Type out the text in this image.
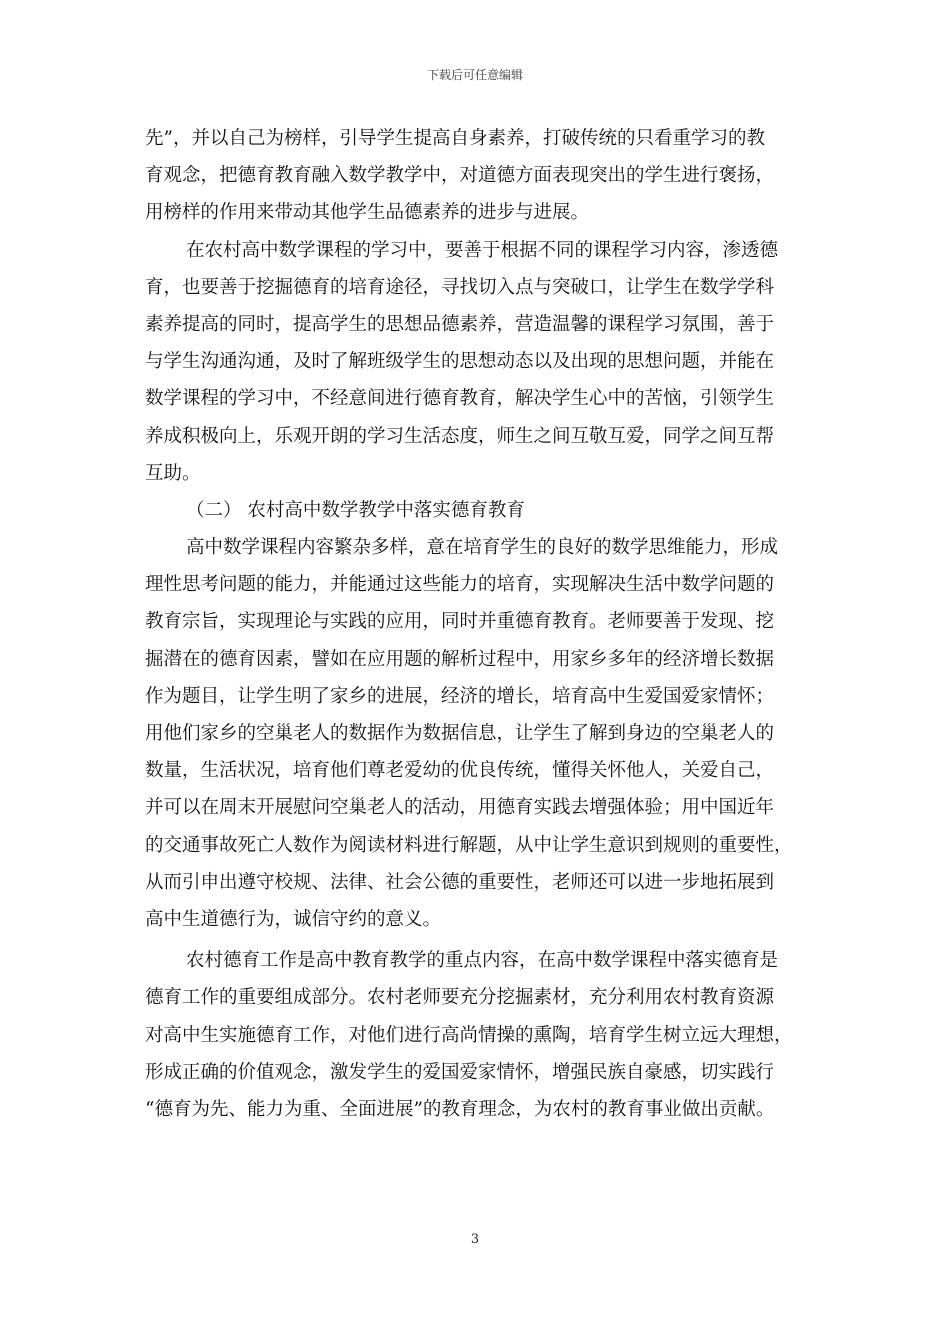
下载后可任意编辑
先”，并以自己为榜样，引导学生提高自身素养，打破传统的只看重学习的教
育观念，把德育教育融入数学教学中，对道德方面表现突出的学生进行褒扬，
用榜样的作用来带动其他学生品德素养的进步与进展。
在农村高中数学课程的学习中，要善于根据不同的课程学习内容，渗透德
育，也要善于挖掘德育的培育途径，寻找切入点与突破口，让学生在数学学科
素养提高的同时，提高学生的思想品德素养，营造温馨的课程学习氛围，善于
与学生沟通沟通，及时了解班级学生的思想动态以及出现的思想问题，并能在
数学课程的学习中，不经意间进行德育教育，解决学生心中的苦恼，引领学生
养成积极向上，乐观开朗的学习生活态度，师生之间互敬互爱，同学之间互帮
互助。
（二） 农村高中数学教学中落实德育教育
高中数学课程内容繁杂多样，意在培育学生的良好的数学思维能力，形成
理性思考问题的能力，并能通过这些能力的培育，实现解决生活中数学问题的
教育宗旨，实现理论与实践的应用，同时并重德育教育。老师要善于发现、挖
掘潜在的德育因素，譬如在应用题的解析过程中，用家乡多年的经济增长数据
作为题目，让学生明了家乡的进展，经济的增长，培育高中生爱国爱家情怀；
用他们家乡的空巢老人的数据作为数据信息，让学生了解到身边的空巢老人的
数量，生活状况，培育他们尊老爱幼的优良传统，懂得关怀他人，关爱自己，
并可以在周末开展慰问空巢老人的活动，用德育实践去增强体验；用中国近年
的交通事故死亡人数作为阅读材料进行解题，从中让学生意识到规则的重要性，
从而引申出遵守校规、法律、社会公德的重要性，老师还可以进一步地拓展到
高中生道德行为，诚信守约的意义。
农村德育工作是高中教育教学的重点内容，在高中数学课程中落实德育是
德育工作的重要组成部分。农村老师要充分挖掘素材，充分利用农村教育资源
对高中生实施德育工作，对他们进行高尚情操的熏陶，培育学生树立远大理想，
形成正确的价值观念，激发学生的爱国爱家情怀，增强民族自豪感，切实践行
“德育为先、能力为重、全面进展”的教育理念，为农村的教育事业做出贡献。
3
